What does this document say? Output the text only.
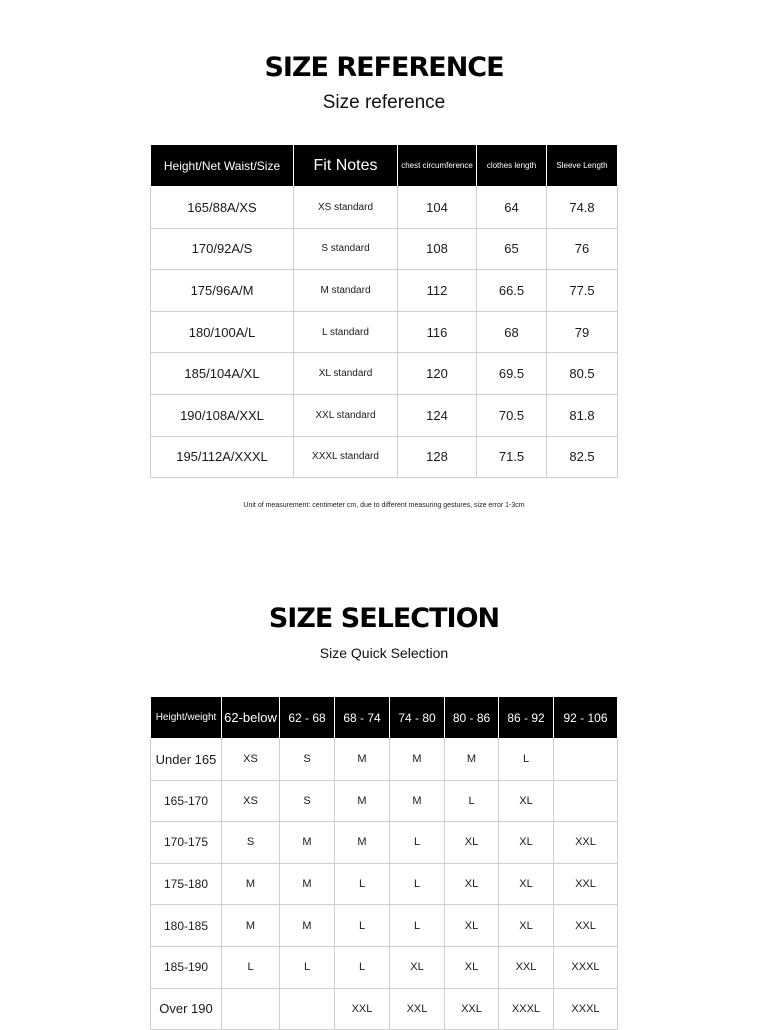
SIZE REFERENCE

Size reference

Height/Net Waist/Size	Fit Notes	chest circumference	clothes length	Sleeve Length
165/88A/XS	XS standard	104	64	74.8
170/92A/S	S standard	108	65	76
175/96A/M	M standard	112	66.5	77.5
180/100A/L	L standard	116	68	79
185/104A/XL	XL standard	120	69.5	80.5
190/108A/XXL	XXL standard	124	70.5	81.8
195/112A/XXXL	XXXL standard	128	71.5	82.5

Unit of measurement: centimeter cm, due to different measuring gestures, size error 1-3cm

SIZE SELECTION

Size Quick Selection

Height/weight	62-below	62 - 68	68 - 74	74 - 80	80 - 86	86 - 92	92 - 106
Under 165	XS	S	M	M	M	L	
165-170	XS	S	M	M	L	XL	
170-175	S	M	M	L	XL	XL	XXL
175-180	M	M	L	L	XL	XL	XXL
180-185	M	M	L	L	XL	XL	XXL
185-190	L	L	L	XL	XL	XXL	XXXL
Over 190			XXL	XXL	XXL	XXXL	XXXL
